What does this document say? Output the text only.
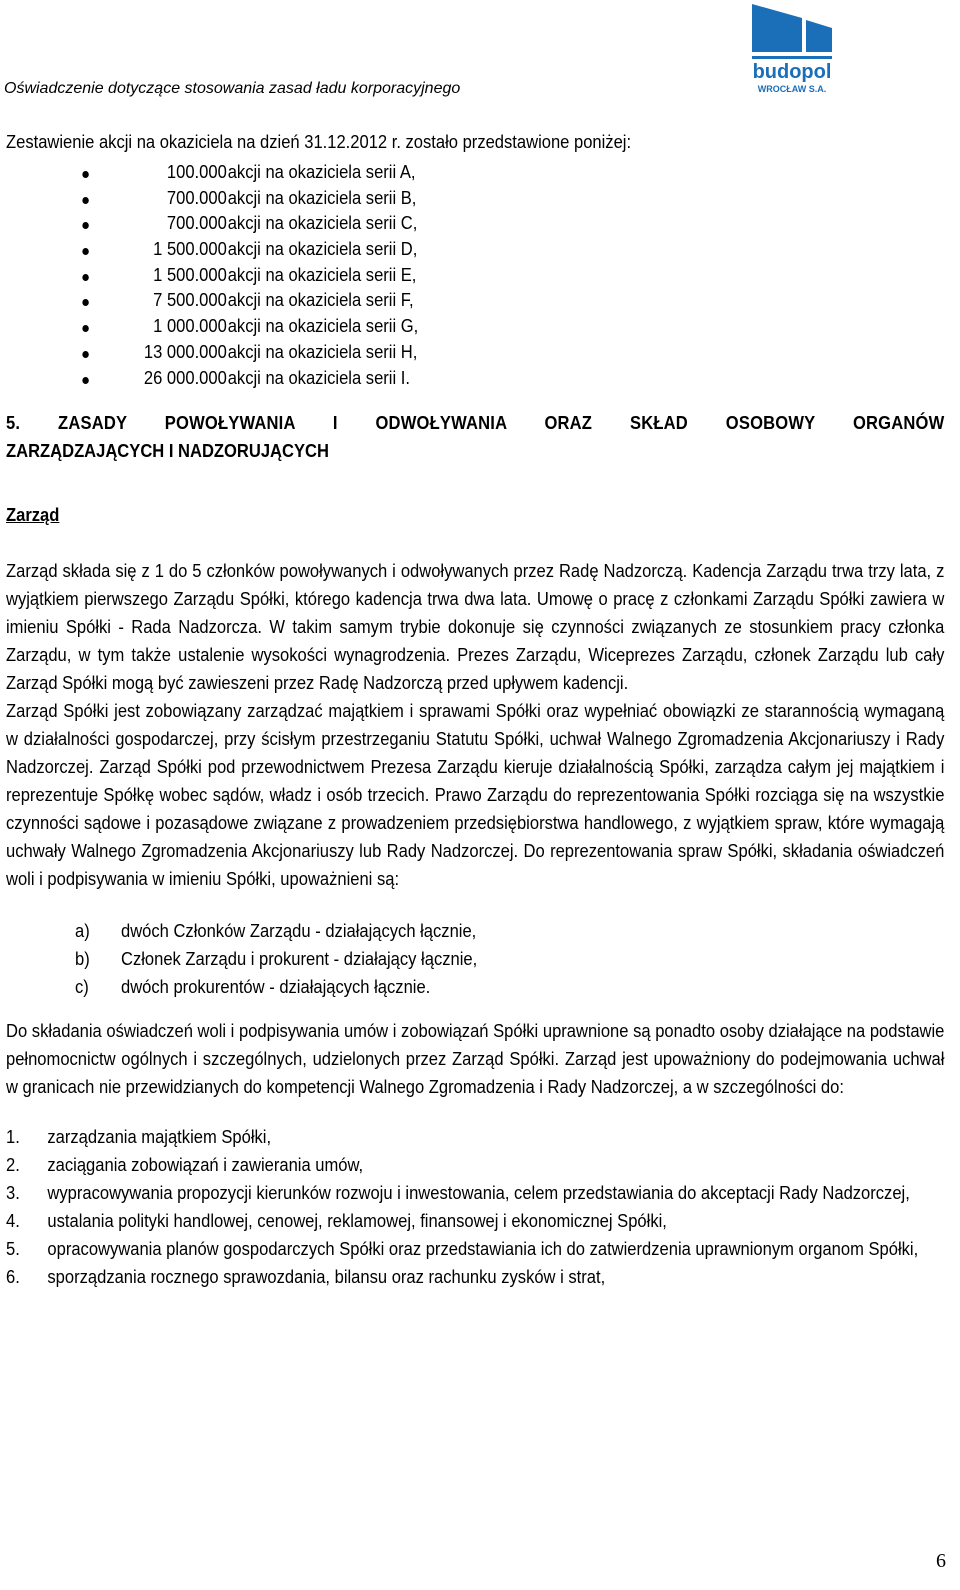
Oświadczenie dotyczące stosowania zasad ładu korporacyjnego
budopol
WROCŁAW S.A.

Zestawienie akcji na okaziciela na dzień 31.12.2012 r. zostało przedstawione poniżej:

100.000 akcji na okaziciela serii A,
700.000 akcji na okaziciela serii B,
700.000 akcji na okaziciela serii C,
1 500.000 akcji na okaziciela serii D,
1 500.000 akcji na okaziciela serii E,
7 500.000 akcji na okaziciela serii F,
1 000.000 akcji na okaziciela serii G,
13 000.000 akcji na okaziciela serii H,
26 000.000 akcji na okaziciela serii I.

5. ZASADY POWOŁYWANIA I ODWOŁYWANIA ORAZ SKŁAD OSOBOWY ORGANÓW

ZARZĄDZAJĄCYCH I NADZORUJĄCYCH

Zarząd

Zarząd składa się z 1 do 5 członków powoływanych i odwoływanych przez Radę Nadzorczą. Kadencja Zarządu trwa trzy lata, z wyjątkiem pierwszego Zarządu Spółki, którego kadencja trwa dwa lata. Umowę o pracę z członkami Zarządu Spółki zawiera w imieniu Spółki - Rada Nadzorcza. W takim samym trybie dokonuje się czynności związanych ze stosunkiem pracy członka Zarządu, w tym także ustalenie wysokości wynagrodzenia. Prezes Zarządu, Wiceprezes Zarządu, członek Zarządu lub cały Zarząd Spółki mogą być zawieszeni przez Radę Nadzorczą przed upływem kadencji.

Zarząd Spółki jest zobowiązany zarządzać majątkiem i sprawami Spółki oraz wypełniać obowiązki ze starannością wymaganą w działalności gospodarczej, przy ścisłym przestrzeganiu Statutu Spółki, uchwał Walnego Zgromadzenia Akcjonariuszy i Rady Nadzorczej. Zarząd Spółki pod przewodnictwem Prezesa Zarządu kieruje działalnością Spółki, zarządza całym jej majątkiem i reprezentuje Spółkę wobec sądów, władz i osób trzecich. Prawo Zarządu do reprezentowania Spółki rozciąga się na wszystkie czynności sądowe i pozasądowe związane z prowadzeniem przedsiębiorstwa handlowego, z wyjątkiem spraw, które wymagają uchwały Walnego Zgromadzenia Akcjonariuszy lub Rady Nadzorczej. Do reprezentowania spraw Spółki, składania oświadczeń woli i podpisywania w imieniu Spółki, upoważnieni są:

a) dwóch Członków Zarządu - działających łącznie,
b) Członek Zarządu i prokurent - działający łącznie,
c) dwóch prokurentów - działających łącznie.

Do składania oświadczeń woli i podpisywania umów i zobowiązań Spółki uprawnione są ponadto osoby działające na podstawie pełnomocnictw ogólnych i szczególnych, udzielonych przez Zarząd Spółki. Zarząd jest upoważniony do podejmowania uchwał w granicach nie przewidzianych do kompetencji Walnego Zgromadzenia i Rady Nadzorczej, a w szczególności do:

1. zarządzania majątkiem Spółki,
2. zaciągania zobowiązań i zawierania umów,
3. wypracowywania propozycji kierunków rozwoju i inwestowania, celem przedstawiania do akceptacji Rady Nadzorczej,
4. ustalania polityki handlowej, cenowej, reklamowej, finansowej i ekonomicznej Spółki,
5. opracowywania planów gospodarczych Spółki oraz przedstawiania ich do zatwierdzenia uprawnionym organom Spółki,
6. sporządzania rocznego sprawozdania, bilansu oraz rachunku zysków i strat,
6
